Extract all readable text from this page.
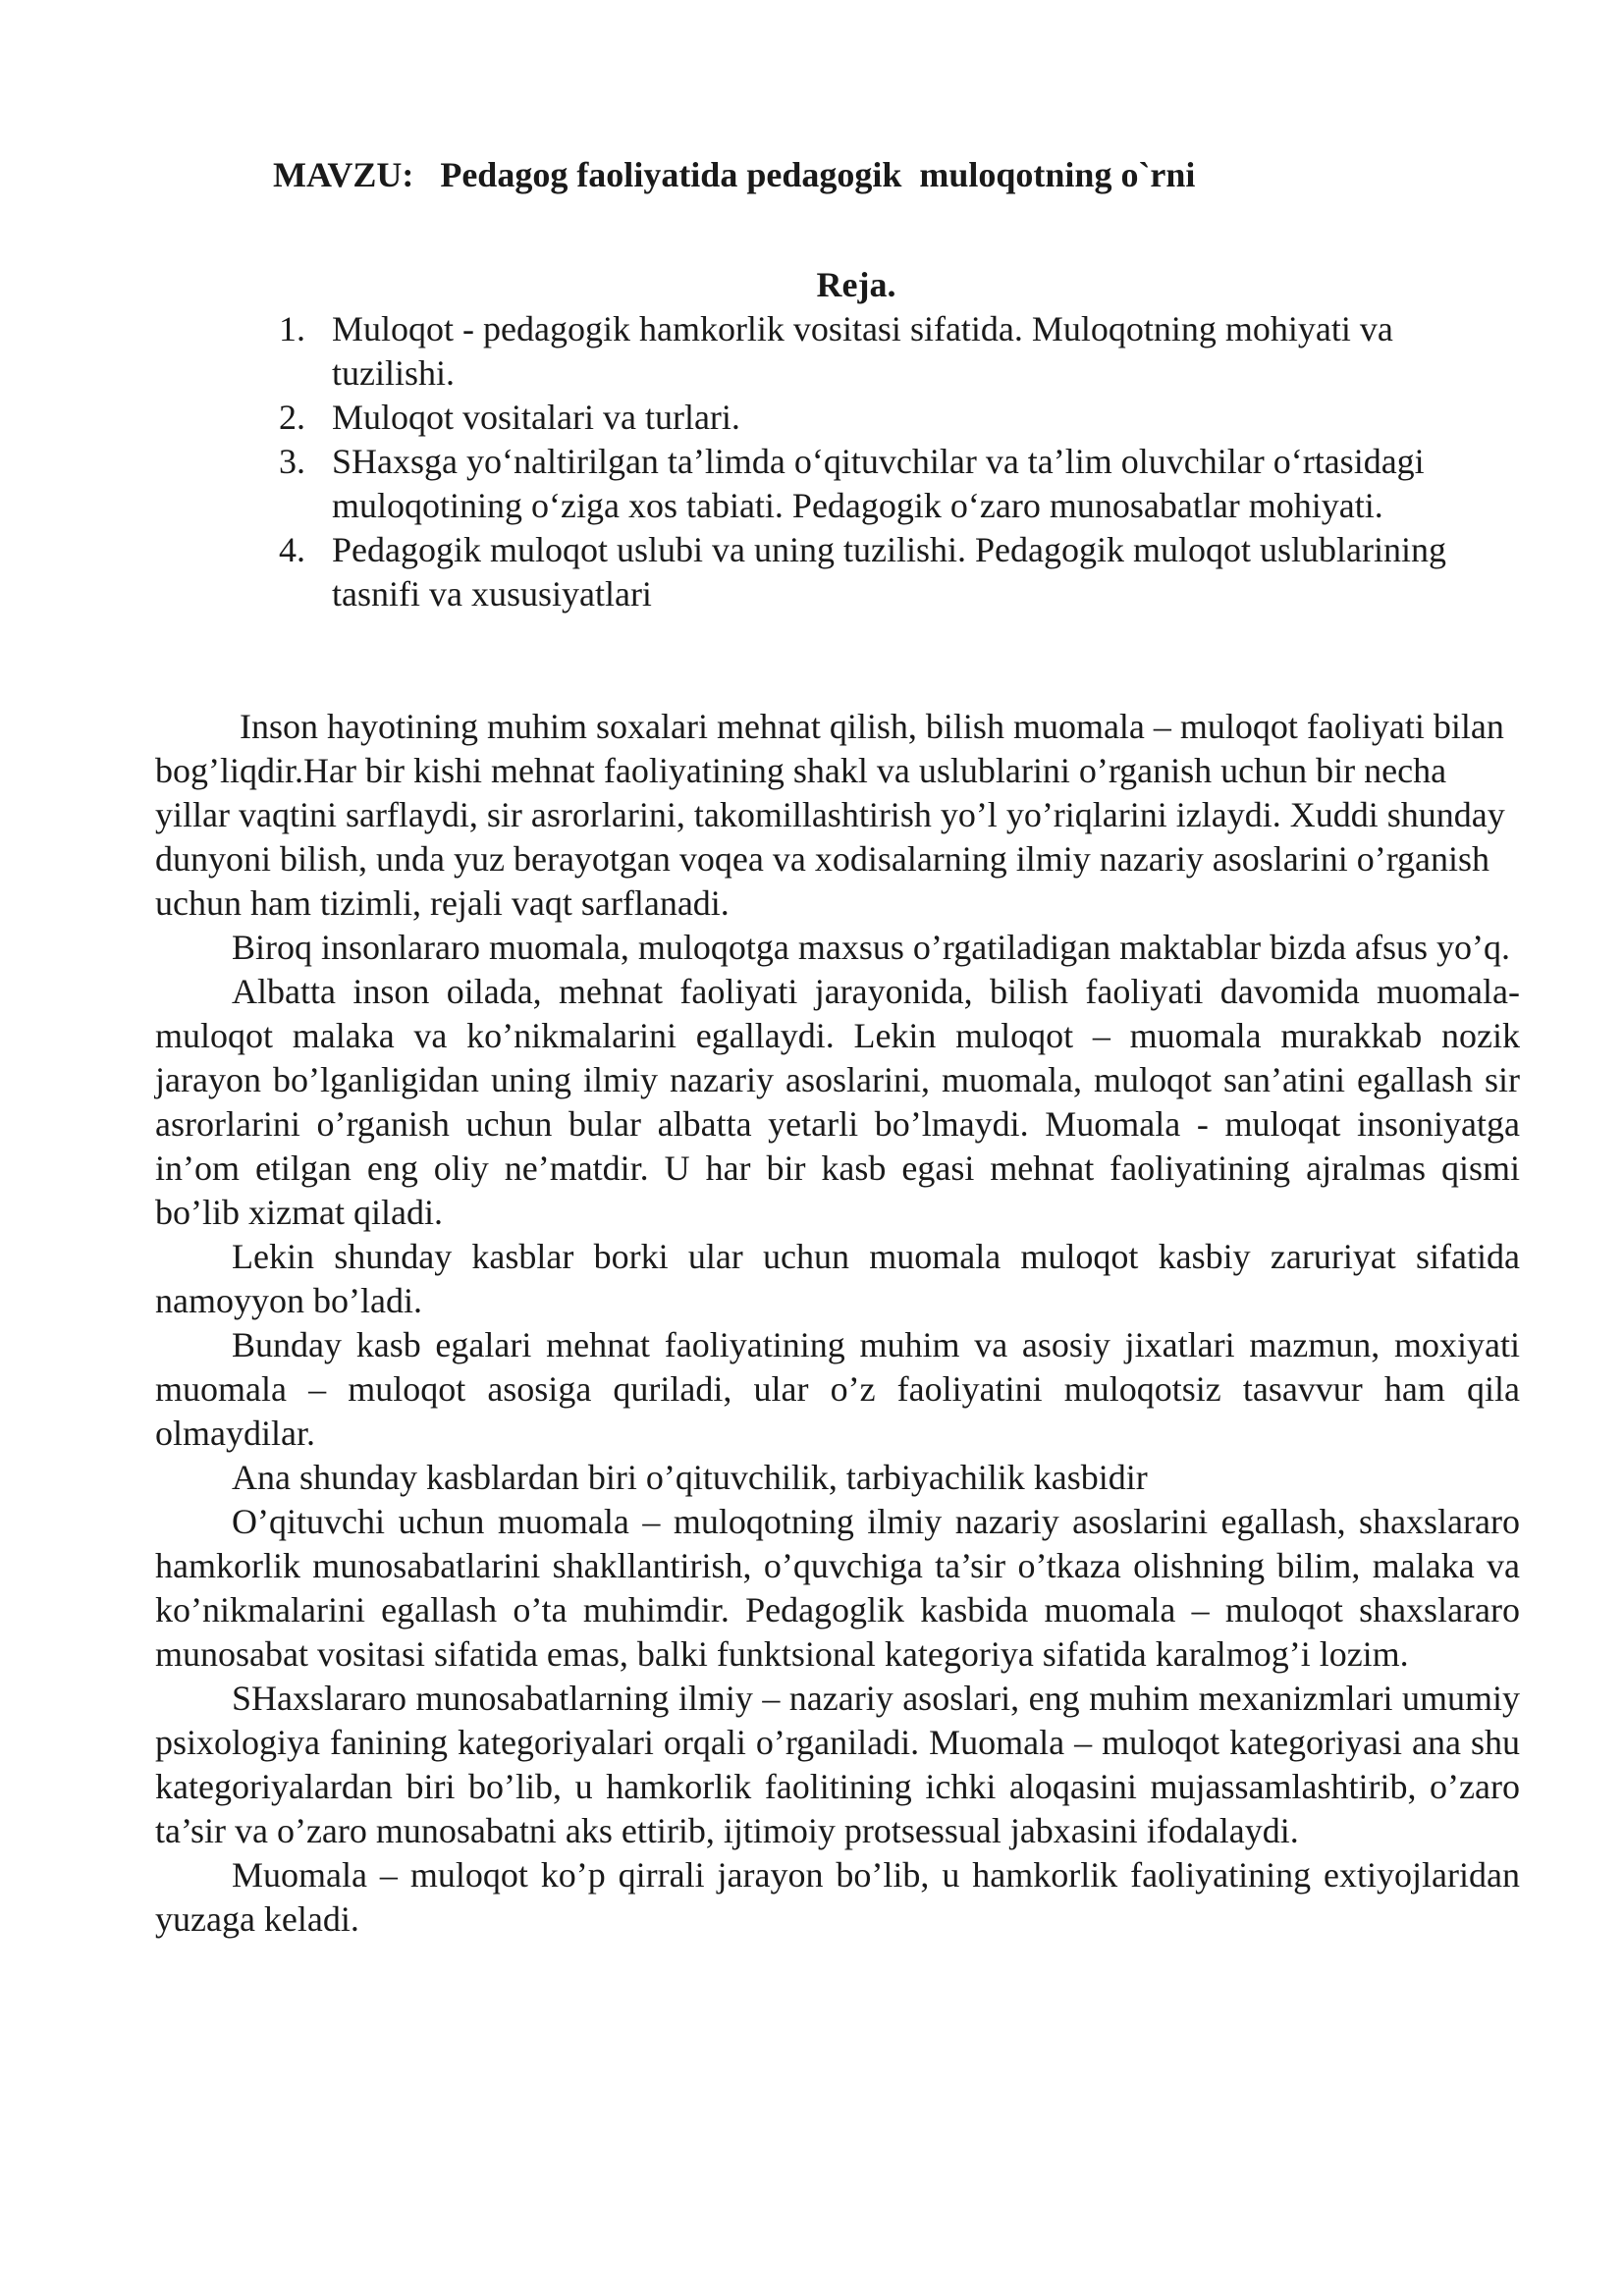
MAVZU:   Pedagog faoliyatida pedagogik  muloqotning o`rni
Reja.
1. Muloqot - pedagogik hamkorlik vositasi sifatida. Muloqotning mohiyati va tuzilishi.
2. Muloqot vositalari va turlari.
3. SHaxsga yo‘naltirilgan ta’limda o‘qituvchilar va ta’lim oluvchilar o‘rtasidagi muloqotining o‘ziga xos tabiati. Pedagogik o‘zaro munosabatlar mohiyati.
4. Pedagogik muloqot uslubi va uning tuzilishi. Pedagogik muloqot uslublarining tasnifi va xususiyatlari

Inson hayotining muhim soxalari mehnat qilish, bilish muomala – muloqot faoliyati bilan bog’liqdir.Har bir kishi mehnat faoliyatining shakl va uslublarini o’rganish uchun bir necha yillar vaqtini sarflaydi, sir asrorlarini, takomillashtirish yo’l yo’riqlarini izlaydi. Xuddi shunday dunyoni bilish, unda yuz berayotgan voqea va xodisalarning ilmiy nazariy asoslarini o’rganish uchun ham tizimli, rejali vaqt sarflanadi.

Biroq insonlararo muomala, muloqotga maxsus o’rgatiladigan maktablar bizda afsus yo’q.

Albatta inson oilada, mehnat faoliyati jarayonida, bilish faoliyati davomida muomala-muloqot malaka va ko’nikmalarini egallaydi. Lekin muloqot – muomala murakkab nozik jarayon bo’lganligidan uning ilmiy nazariy asoslarini, muomala, muloqot san’atini egallash sir asrorlarini o’rganish uchun bular albatta yetarli bo’lmaydi. Muomala - muloqat insoniyatga in’om etilgan eng oliy ne’matdir. U har bir kasb egasi mehnat faoliyatining ajralmas qismi bo’lib xizmat qiladi.

Lekin shunday kasblar borki ular uchun muomala muloqot kasbiy zaruriyat sifatida namoyyon bo’ladi.

Bunday kasb egalari mehnat faoliyatining muhim va asosiy jixatlari mazmun, moxiyati muomala – muloqot asosiga quriladi, ular o’z faoliyatini muloqotsiz tasavvur ham qila olmaydilar.

Ana shunday kasblardan biri o’qituvchilik, tarbiyachilik kasbidir

O’qituvchi uchun muomala – muloqotning ilmiy nazariy asoslarini egallash, shaxslararo hamkorlik munosabatlarini shakllantirish, o’quvchiga ta’sir o’tkaza olishning bilim, malaka va ko’nikmalarini egallash o’ta muhimdir. Pedagoglik kasbida muomala – muloqot shaxslararo munosabat vositasi sifatida emas, balki funktsional kategoriya sifatida karalmog’i lozim.

SHaxslararo munosabatlarning ilmiy – nazariy asoslari, eng muhim mexanizmlari umumiy psixologiya fanining kategoriyalari orqali o’rganiladi. Muomala – muloqot kategoriyasi ana shu kategoriyalardan biri bo’lib, u hamkorlik faolitining ichki aloqasini mujassamlashtirib, o’zaro ta’sir va o’zaro munosabatni aks ettirib, ijtimoiy protsessual jabxasini ifodalaydi.

Muomala – muloqot ko’p qirrali jarayon bo’lib, u hamkorlik faoliyatining extiyojlaridan yuzaga keladi.
